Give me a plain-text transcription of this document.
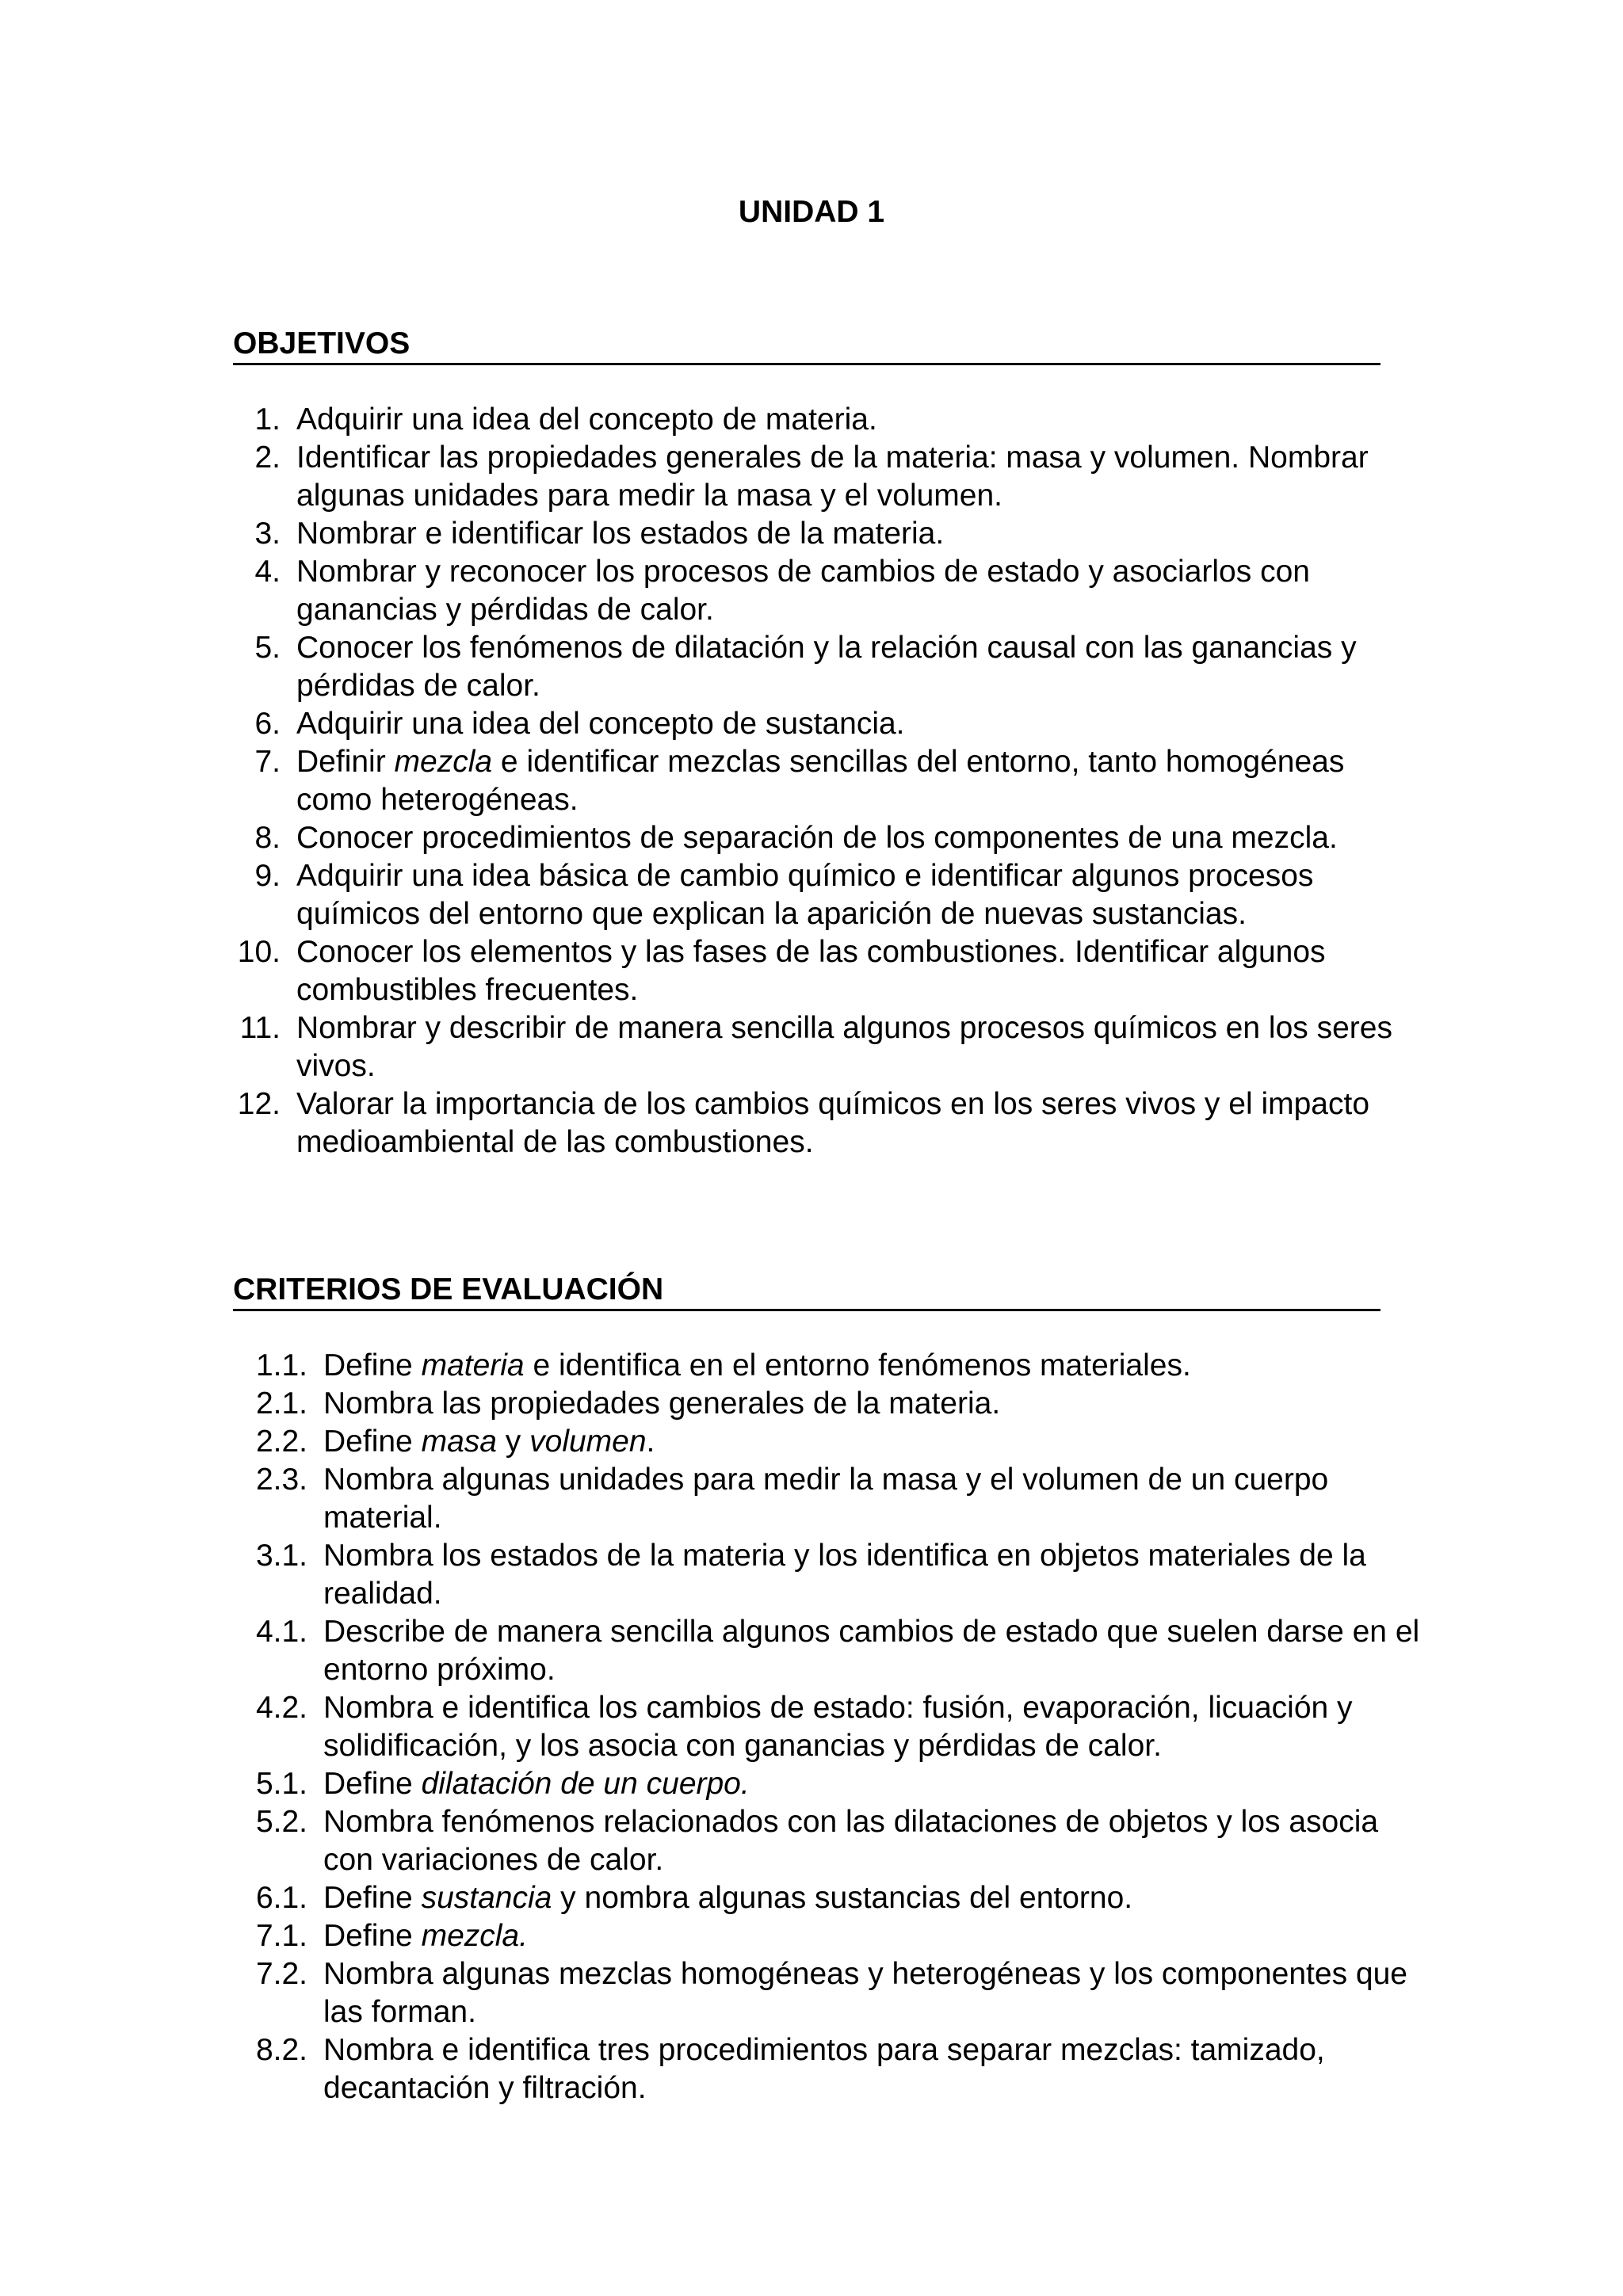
UNIDAD 1
OBJETIVOS
1. Adquirir una idea del concepto de materia.
2. Identificar las propiedades generales de la materia: masa y volumen. Nombrar algunas unidades para medir la masa y el volumen.
3. Nombrar e identificar los estados de la materia.
4. Nombrar y reconocer los procesos de cambios de estado y asociarlos con ganancias y pérdidas de calor.
5. Conocer los fenómenos de dilatación y la relación causal con las ganancias y pérdidas de calor.
6. Adquirir una idea del concepto de sustancia.
7. Definir mezcla e identificar mezclas sencillas del entorno, tanto homogéneas como heterogéneas.
8. Conocer procedimientos de separación de los componentes de una mezcla.
9. Adquirir una idea básica de cambio químico e identificar algunos procesos químicos del entorno que explican la aparición de nuevas sustancias.
10. Conocer los elementos y las fases de las combustiones. Identificar algunos combustibles frecuentes.
11. Nombrar y describir de manera sencilla algunos procesos químicos en los seres vivos.
12. Valorar la importancia de los cambios químicos en los seres vivos y el impacto medioambiental de las combustiones.
CRITERIOS DE EVALUACIÓN
1.1. Define materia e identifica en el entorno fenómenos materiales.
2.1. Nombra las propiedades generales de la materia.
2.2. Define masa y volumen.
2.3. Nombra algunas unidades para medir la masa y el volumen de un cuerpo material.
3.1. Nombra los estados de la materia y los identifica en objetos materiales de la realidad.
4.1. Describe de manera sencilla algunos cambios de estado que suelen darse en el entorno próximo.
4.2. Nombra e identifica los cambios de estado: fusión, evaporación, licuación y solidificación, y los asocia con ganancias y pérdidas de calor.
5.1. Define dilatación de un cuerpo.
5.2. Nombra fenómenos relacionados con las dilataciones de objetos y los asocia con variaciones de calor.
6.1. Define sustancia y nombra algunas sustancias del entorno.
7.1. Define mezcla.
7.2. Nombra algunas mezclas homogéneas y heterogéneas y los componentes que las forman.
8.2. Nombra e identifica tres procedimientos para separar mezclas: tamizado, decantación y filtración.
